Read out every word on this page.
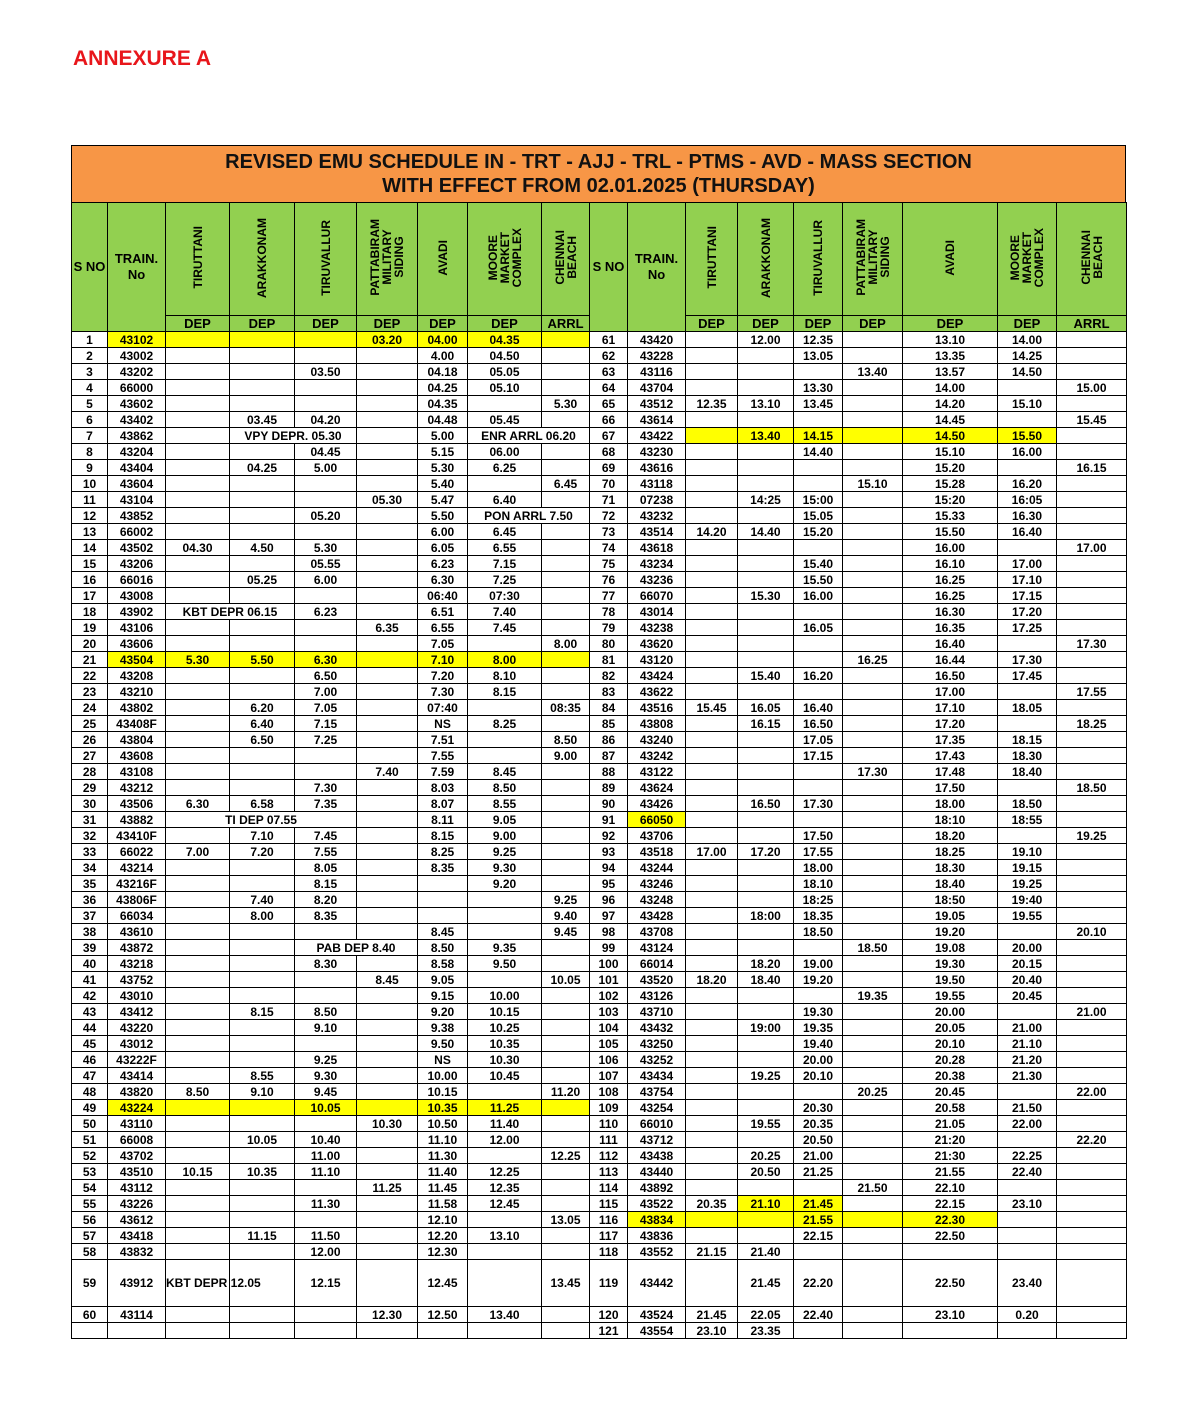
ANNEXURE A
REVISED EMU SCHEDULE IN - TRT - AJJ - TRL - PTMS - AVD - MASS SECTION
WITH EFFECT FROM 02.01.2025 (THURSDAY)
S NO	TRAIN.
No	TIRUTTANI	ARAKKONAM	TIRUVALLUR	PATTABIRAM
MILITARY
SIDING	AVADI	MOORE
MARKET
COMPLEX	CHENNAI
BEACH	S NO	TRAIN.
No	TIRUTTANI	ARAKKONAM	TIRUVALLUR	PATTABIRAM
MILITARY
SIDING	AVADI	MOORE
MARKET
COMPLEX	CHENNAI
BEACH
		DEP	DEP	DEP	DEP	DEP	DEP	ARRL			DEP	DEP	DEP	DEP	DEP	DEP	ARRL
1	43102				03.20	04.00	04.35		61	43420		12.00	12.35		13.10	14.00	
2	43002					4.00	04.50		62	43228			13.05		13.35	14.25	
3	43202			03.50		04.18	05.05		63	43116				13.40	13.57	14.50	
4	66000					04.25	05.10		64	43704			13.30		14.00		15.00
5	43602					04.35		5.30	65	43512	12.35	13.10	13.45		14.20	15.10	
6	43402		03.45	04.20		04.48	05.45		66	43614					14.45		15.45
7	43862		VPY DEPR. 05.30			5.00	ENR ARRL 06.20		67	43422		13.40	14.15		14.50	15.50	
8	43204			04.45		5.15	06.00		68	43230			14.40		15.10	16.00	
9	43404		04.25	5.00		5.30	6.25		69	43616					15.20		16.15
10	43604					5.40		6.45	70	43118				15.10	15.28	16.20	
11	43104				05.30	5.47	6.40		71	07238		14:25	15:00		15:20	16:05	
12	43852			05.20		5.50	PON ARRL 7.50		72	43232			15.05		15.33	16.30	
13	66002					6.00	6.45		73	43514	14.20	14.40	15.20		15.50	16.40	
14	43502	04.30	4.50	5.30		6.05	6.55		74	43618					16.00		17.00
15	43206			05.55		6.23	7.15		75	43234			15.40		16.10	17.00	
16	66016		05.25	6.00		6.30	7.25		76	43236			15.50		16.25	17.10	
17	43008					06:40	07:30		77	66070		15.30	16.00		16.25	17.15	
18	43902	KBT DEPR 06.15		6.23		6.51	7.40		78	43014					16.30	17.20	
19	43106				6.35	6.55	7.45		79	43238			16.05		16.35	17.25	
20	43606					7.05		8.00	80	43620					16.40		17.30
21	43504	5.30	5.50	6.30		7.10	8.00		81	43120				16.25	16.44	17.30	
22	43208			6.50		7.20	8.10		82	43424		15.40	16.20		16.50	17.45	
23	43210			7.00		7.30	8.15		83	43622					17.00		17.55
24	43802		6.20	7.05		07:40		08:35	84	43516	15.45	16.05	16.40		17.10	18.05	
25	43408F		6.40	7.15		NS	8.25		85	43808		16.15	16.50		17.20		18.25
26	43804		6.50	7.25		7.51		8.50	86	43240			17.05		17.35	18.15	
27	43608					7.55		9.00	87	43242			17.15		17.43	18.30	
28	43108				7.40	7.59	8.45		88	43122				17.30	17.48	18.40	
29	43212			7.30		8.03	8.50		89	43624					17.50		18.50
30	43506	6.30	6.58	7.35		8.07	8.55		90	43426		16.50	17.30		18.00	18.50	
31	43882	TI DEP 07.55				8.11	9.05		91	66050					18:10	18:55	
32	43410F		7.10	7.45		8.15	9.00		92	43706			17.50		18.20		19.25
33	66022	7.00	7.20	7.55		8.25	9.25		93	43518	17.00	17.20	17.55		18.25	19.10	
34	43214			8.05		8.35	9.30		94	43244			18.00		18.30	19.15	
35	43216F			8.15			9.20		95	43246			18.10		18.40	19.25	
36	43806F		7.40	8.20				9.25	96	43248			18:25		18:50	19:40	
37	66034		8.00	8.35				9.40	97	43428		18:00	18.35		19.05	19.55	
38	43610					8.45		9.45	98	43708			18.50		19.20		20.10
39	43872			PAB DEP 8.40		8.50	9.35		99	43124				18.50	19.08	20.00	
40	43218			8.30		8.58	9.50		100	66014		18.20	19.00		19.30	20.15	
41	43752				8.45	9.05		10.05	101	43520	18.20	18.40	19.20		19.50	20.40	
42	43010					9.15	10.00		102	43126				19.35	19.55	20.45	
43	43412		8.15	8.50		9.20	10.15		103	43710			19.30		20.00		21.00
44	43220			9.10		9.38	10.25		104	43432		19:00	19.35		20.05	21.00	
45	43012					9.50	10.35		105	43250			19.40		20.10	21.10	
46	43222F			9.25		NS	10.30		106	43252			20.00		20.28	21.20	
47	43414		8.55	9.30		10.00	10.45		107	43434		19.25	20.10		20.38	21.30	
48	43820	8.50	9.10	9.45		10.15		11.20	108	43754				20.25	20.45		22.00
49	43224			10.05		10.35	11.25		109	43254			20.30		20.58	21.50	
50	43110				10.30	10.50	11.40		110	66010		19.55	20.35		21.05	22.00	
51	66008		10.05	10.40		11.10	12.00		111	43712			20.50		21:20		22.20
52	43702			11.00		11.30		12.25	112	43438		20.25	21.00		21:30	22.25	
53	43510	10.15	10.35	11.10		11.40	12.25		113	43440		20.50	21.25		21.55	22.40	
54	43112				11.25	11.45	12.35		114	43892				21.50	22.10		
55	43226			11.30		11.58	12.45		115	43522	20.35	21.10	21.45		22.15	23.10	
56	43612					12.10		13.05	116	43834			21.55		22.30		
57	43418		11.15	11.50		12.20	13.10		117	43836			22.15		22.50		
58	43832			12.00		12.30			118	43552	21.15	21.40					
59	43912	KBT DEPR 12.05		12.15		12.45		13.45	119	43442		21.45	22.20		22.50	23.40	
60	43114				12.30	12.50	13.40		120	43524	21.45	22.05	22.40		23.10	0.20	
									121	43554	23.10	23.35					
